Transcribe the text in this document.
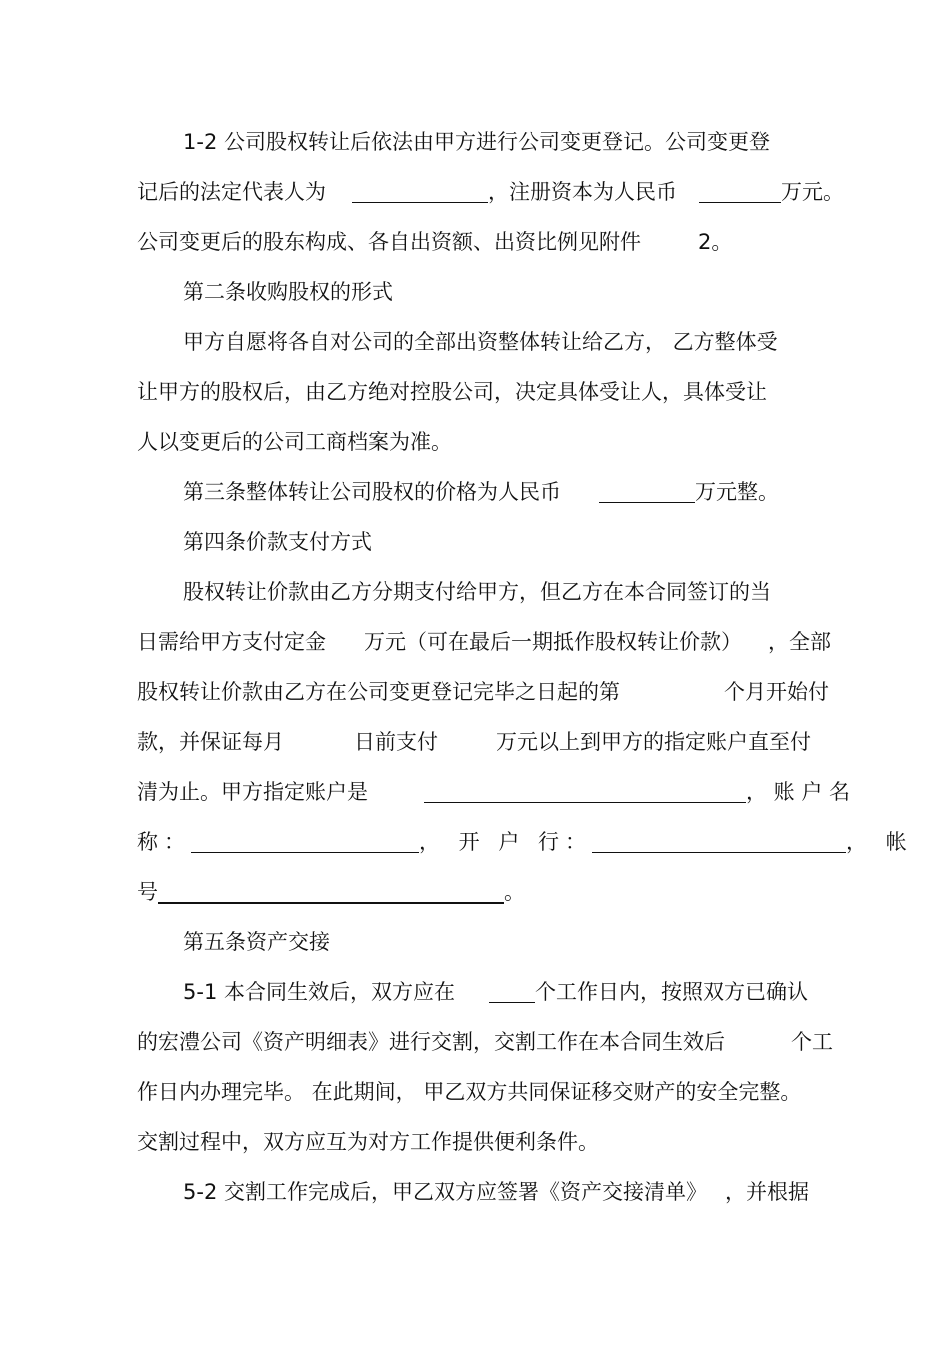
1-2 公司股权转让后依法由甲方进行公司变更登记。公司变更登
记后的法定代表人为	，注册资本为人民币	万元。
公司变更后的股东构成、各自出资额、出资比例见附件	2。
第二条收购股权的形式
甲方自愿将各自对公司的全部出资整体转让给乙方， 乙方整体受
让甲方的股权后，由乙方绝对控股公司，决定具体受让人，具体受让
人以变更后的公司工商档案为准。
第三条整体转让公司股权的价格为人民币	万元整。
第四条价款支付方式
股权转让价款由乙方分期支付给甲方，但乙方在本合同签订的当
日需给甲方支付定金 万元（可在最后一期抵作股权转让价款） ，全部
股权转让价款由乙方在公司变更登记完毕之日起的第	个月开始付
款，并保证每月	日前支付	万元以上到甲方的指定账户直至付
清为止。甲方指定账户是	， 账 户 名
称：	， 开 户 行：	， 帐
号	。
第五条资产交接
5-1 本合同生效后，双方应在	个工作日内，按照双方已确认
的宏澧公司《资产明细表》进行交割，交割工作在本合同生效后	个工
作日内办理完毕。 在此期间， 甲乙双方共同保证移交财产的安全完整。
交割过程中，双方应互为对方工作提供便利条件。
5-2 交割工作完成后，甲乙双方应签署《资产交接清单》 ，并根据
